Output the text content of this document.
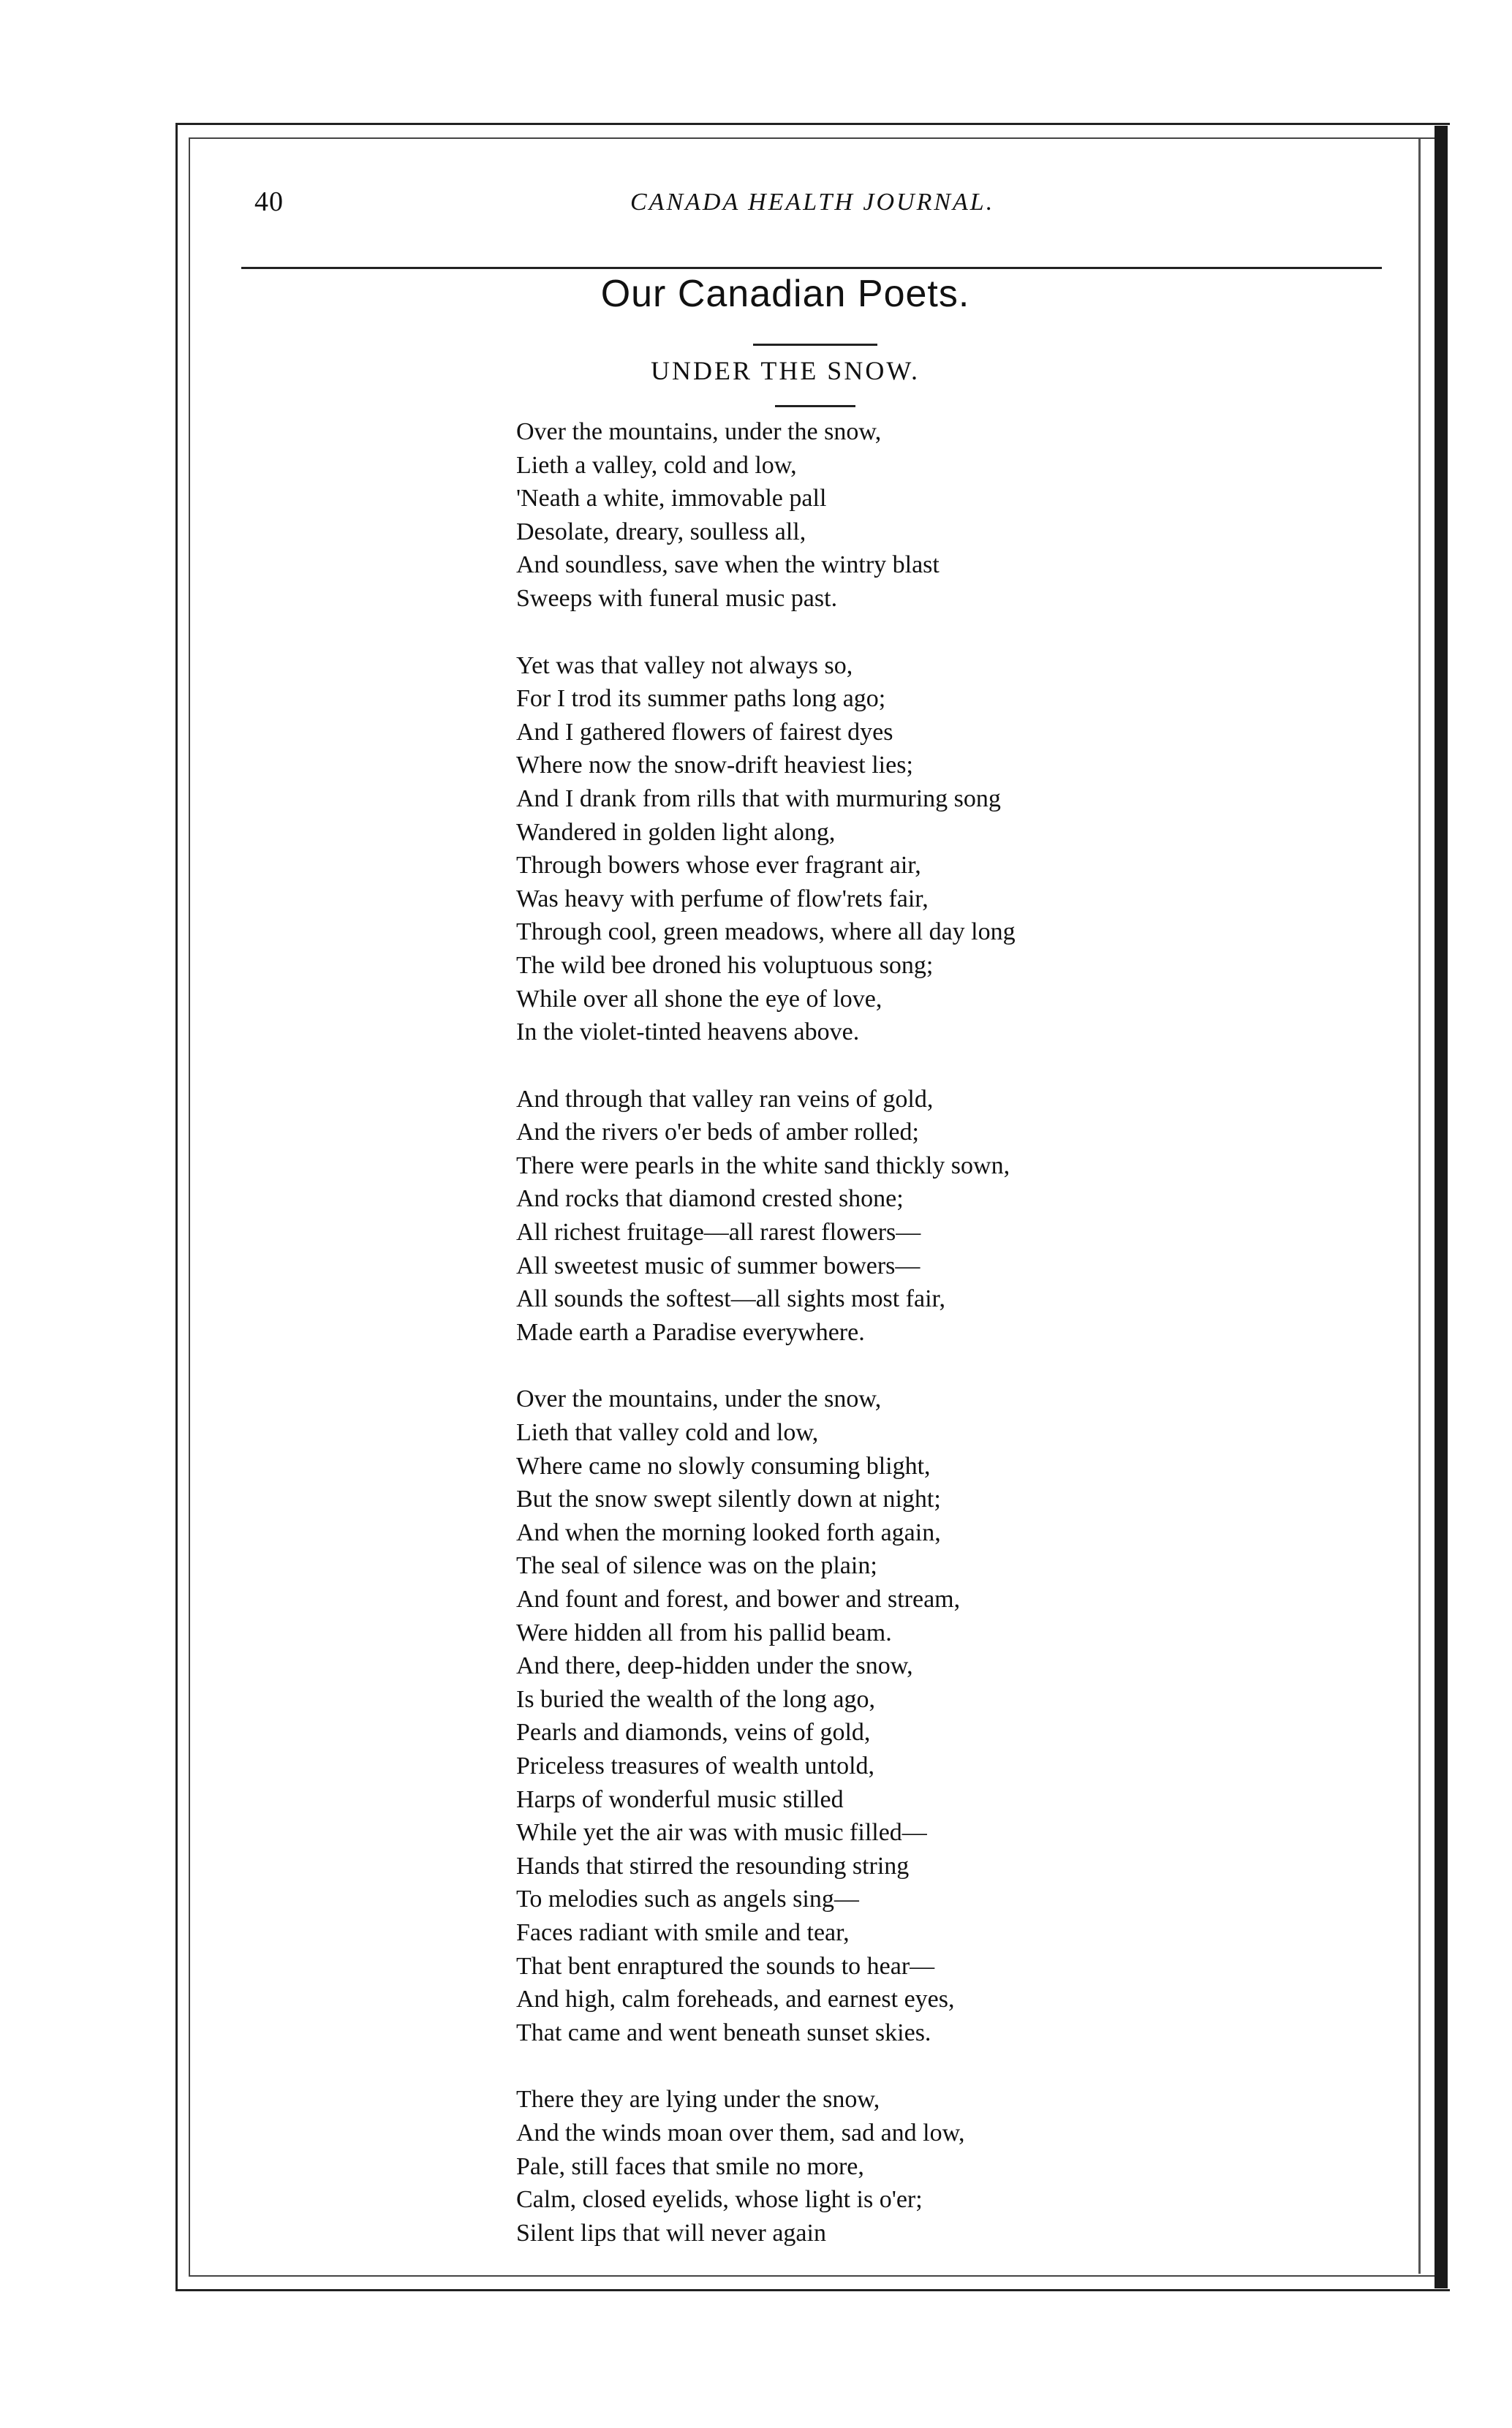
40	CANADA HEALTH JOURNAL.
Our Canadian Poets.
UNDER THE SNOW.
Over the mountains, under the snow,
Lieth a valley, cold and low,
'Neath a white, immovable pall
Desolate, dreary, soulless all,
And soundless, save when the wintry blast
Sweeps with funeral music past.
Yet was that valley not always so,
For I trod its summer paths long ago;
And I gathered flowers of fairest dyes
Where now the snow-drift heaviest lies;
And I drank from rills that with murmuring song
Wandered in golden light along,
Through bowers whose ever fragrant air,
Was heavy with perfume of flow'rets fair,
Through cool, green meadows, where all day long
The wild bee droned his voluptuous song;
While over all shone the eye of love,
In the violet-tinted heavens above.
And through that valley ran veins of gold,
And the rivers o'er beds of amber rolled;
There were pearls in the white sand thickly sown,
And rocks that diamond crested shone;
All richest fruitage—all rarest flowers—
All sweetest music of summer bowers—
All sounds the softest—all sights most fair,
Made earth a Paradise everywhere.
Over the mountains, under the snow,
Lieth that valley cold and low,
Where came no slowly consuming blight,
But the snow swept silently down at night;
And when the morning looked forth again,
The seal of silence was on the plain;
And fount and forest, and bower and stream,
Were hidden all from his pallid beam.
And there, deep-hidden under the snow,
Is buried the wealth of the long ago,
Pearls and diamonds, veins of gold,
Priceless treasures of wealth untold,
Harps of wonderful music stilled
While yet the air was with music filled—
Hands that stirred the resounding string
To melodies such as angels sing—
Faces radiant with smile and tear,
That bent enraptured the sounds to hear—
And high, calm foreheads, and earnest eyes,
That came and went beneath sunset skies.
There they are lying under the snow,
And the winds moan over them, sad and low,
Pale, still faces that smile no more,
Calm, closed eyelids, whose light is o'er;
Silent lips that will never again
